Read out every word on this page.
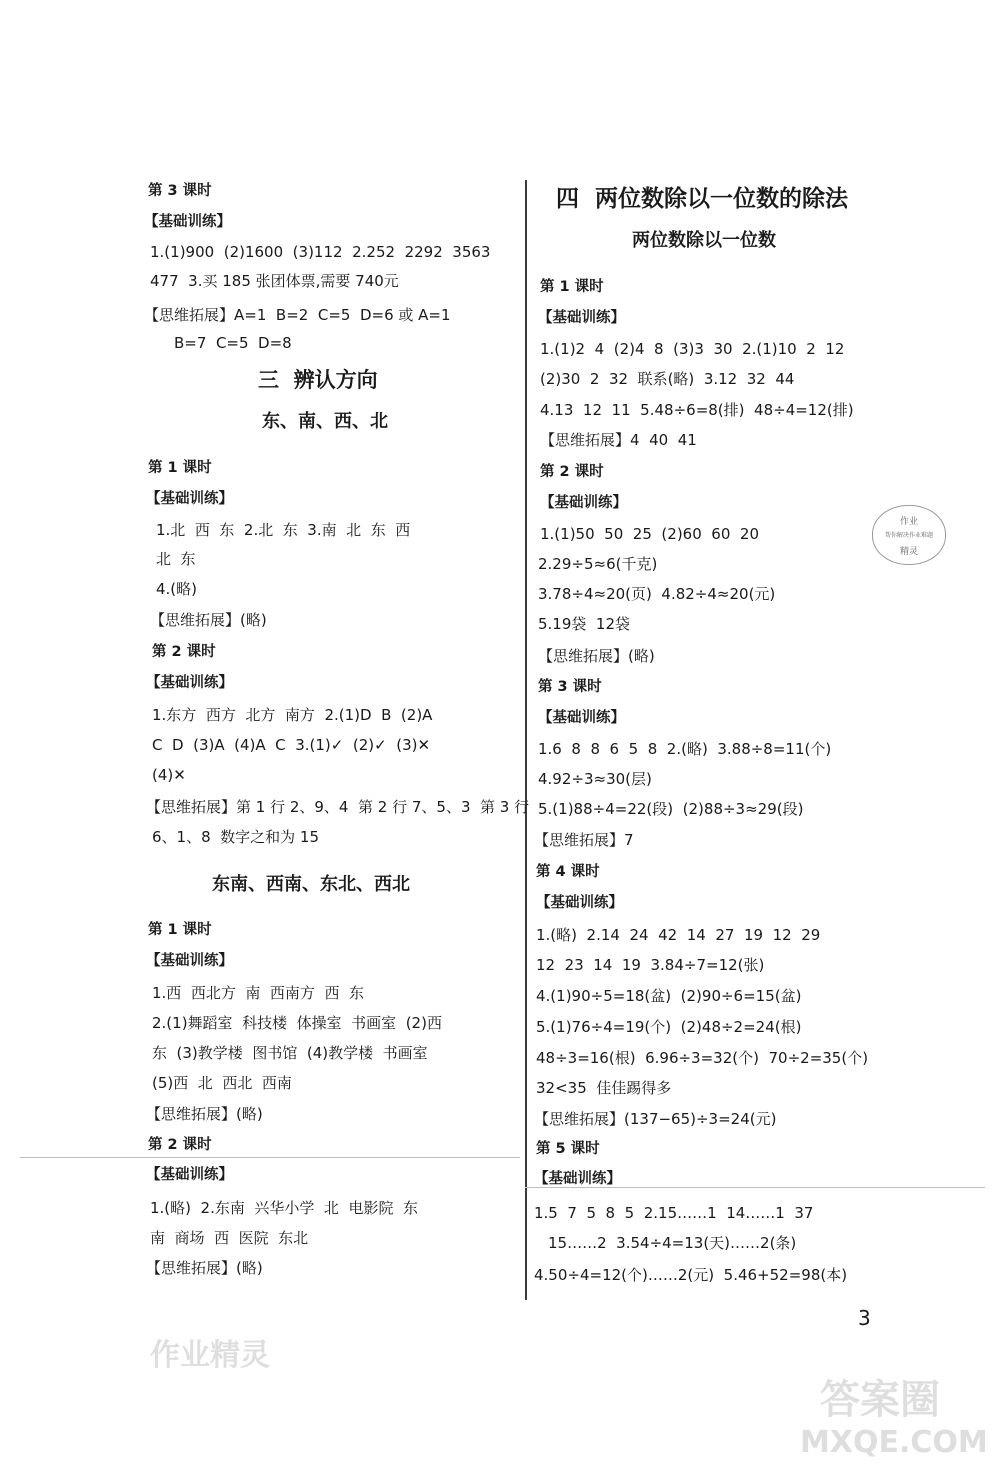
第 3 课时
【基础训练】
1.(1)900  (2)1600  (3)112  2.252  2292  3563
477  3.买 185 张团体票,需要 740元
【思维拓展】A=1  B=2  C=5  D=6 或 A=1
B=7  C=5  D=8
三  辨认方向
东、南、西、北
第 1 课时
【基础训练】
1.北  西  东  2.北  东  3.南  北  东  西
北  东
4.(略)
【思维拓展】(略)
第 2 课时
【基础训练】
1.东方  西方  北方  南方  2.(1)D  B  (2)A
C  D  (3)A  (4)A  C  3.(1)✓  (2)✓  (3)✕
(4)✕
【思维拓展】第 1 行 2、9、4  第 2 行 7、5、3  第 3 行
6、1、8  数字之和为 15
东南、西南、东北、西北
第 1 课时
【基础训练】
1.西  西北方  南  西南方  西  东
2.(1)舞蹈室  科技楼  体操室  书画室  (2)西
东  (3)教学楼  图书馆  (4)教学楼  书画室
(5)西  北  西北  西南
【思维拓展】(略)
第 2 课时
【基础训练】
1.(略)  2.东南  兴华小学  北  电影院  东
南  商场  西  医院  东北
【思维拓展】(略)
四  两位数除以一位数的除法
两位数除以一位数
第 1 课时
【基础训练】
1.(1)2  4  (2)4  8  (3)3  30  2.(1)10  2  12
(2)30  2  32  联系(略)  3.12  32  44
4.13  12  11  5.48÷6=8(排)  48÷4=12(排)
【思维拓展】4  40  41
第 2 课时
【基础训练】
1.(1)50  50  25  (2)60  60  20
2.29÷5≈6(千克)
3.78÷4≈20(页)  4.82÷4≈20(元)
5.19袋  12袋
【思维拓展】(略)
第 3 课时
【基础训练】
1.6  8  8  6  5  8  2.(略)  3.88÷8=11(个)
4.92÷3≈30(层)
5.(1)88÷4=22(段)  (2)88÷3≈29(段)
【思维拓展】7
第 4 课时
【基础训练】
1.(略)  2.14  24  42  14  27  19  12  29
12  23  14  19  3.84÷7=12(张)
4.(1)90÷5=18(盆)  (2)90÷6=15(盆)
5.(1)76÷4=19(个)  (2)48÷2=24(根)
48÷3=16(根)  6.96÷3=32(个)  70÷2=35(个)
32<35  佳佳踢得多
【思维拓展】(137−65)÷3=24(元)
第 5 课时
【基础训练】
1.5  7  5  8  5  2.15……1  14……1  37
15……2  3.54÷4=13(天)……2(条)
4.50÷4=12(个)……2(元)  5.46+52=98(本)
作业
帮你解决作业难题
精灵
3
作业精灵
答案圈
MXQE.COM
